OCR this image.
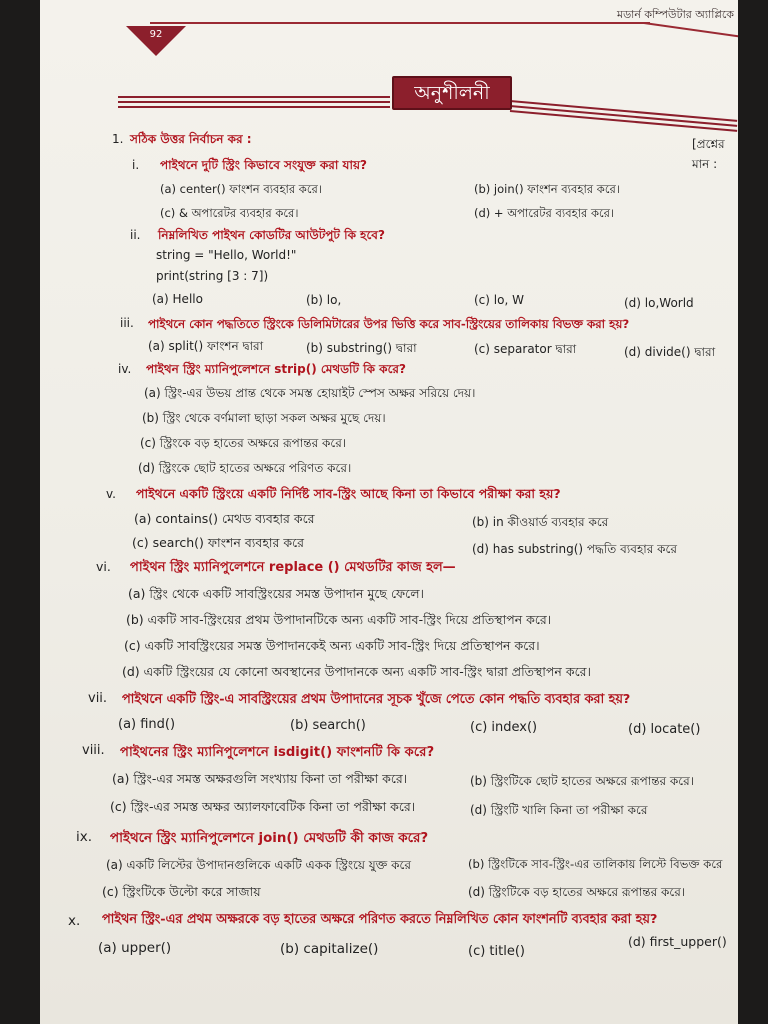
মডার্ন কম্পিউটার অ্যাপ্লিকে
92
অনুশীলনী
1. সঠিক উত্তর নির্বাচন কর :	[প্রশ্নের মান :
i. পাইথনে দুটি স্ট্রিং কিভাবে সংযুক্ত করা যায়?
(a) center() ফাংশন ব্যবহার করে।	(b) join() ফাংশন ব্যবহার করে।
(c) & অপারেটর ব্যবহার করে।	(d) + অপারেটর ব্যবহার করে।
ii. নিম্নলিখিত পাইথন কোডটির আউটপুট কি হবে?
string = "Hello, World!"
print(string [3 : 7])
(a) Hello	(b) lo,	(c) lo, W	(d) lo,World
iii. পাইথনে কোন পদ্ধতিতে স্ট্রিংকে ডিলিমিটারের উপর ভিত্তি করে সাব-স্ট্রিংয়ের তালিকায় বিভক্ত করা হয়?
(a) split() ফাংশন দ্বারা	(b) substring() দ্বারা	(c) separator দ্বারা	(d) divide() দ্বারা
iv. পাইথন স্ট্রিং ম্যানিপুলেশনে strip() মেথডটি কি করে?
(a) স্ট্রিং-এর উভয় প্রান্ত থেকে সমস্ত হোয়াইট স্পেস অক্ষর সরিয়ে দেয়।
(b) স্ট্রিং থেকে বর্ণমালা ছাড়া সকল অক্ষর মুছে দেয়।
(c) স্ট্রিংকে বড় হাতের অক্ষরে রূপান্তর করে।
(d) স্ট্রিংকে ছোট হাতের অক্ষরে পরিণত করে।
v. পাইথনে একটি স্ট্রিংয়ে একটি নির্দিষ্ট সাব-স্ট্রিং আছে কিনা তা কিভাবে পরীক্ষা করা হয়?
(a) contains() মেথড ব্যবহার করে	(b) in কীওয়ার্ড ব্যবহার করে
(c) search() ফাংশন ব্যবহার করে	(d) has substring() পদ্ধতি ব্যবহার করে
vi. পাইথন স্ট্রিং ম্যানিপুলেশনে replace () মেথডটির কাজ হল—
(a) স্ট্রিং থেকে একটি সাবস্ট্রিংয়ের সমস্ত উপাদান মুছে ফেলে।
(b) একটি সাব-স্ট্রিংয়ের প্রথম উপাদানটিকে অন্য একটি সাব-স্ট্রিং দিয়ে প্রতিস্থাপন করে।
(c) একটি সাবস্ট্রিংয়ের সমস্ত উপাদানকেই অন্য একটি সাব-স্ট্রিং দিয়ে প্রতিস্থাপন করে।
(d) একটি স্ট্রিংয়ের যে কোনো অবস্থানের উপাদানকে অন্য একটি সাব-স্ট্রিং দ্বারা প্রতিস্থাপন করে।
vii. পাইথনে একটি স্ট্রিং-এ সাবস্ট্রিংয়ের প্রথম উপাদানের সূচক খুঁজে পেতে কোন পদ্ধতি ব্যবহার করা হয়?
(a) find()	(b) search()	(c) index()	(d) locate()
viii. পাইথনের স্ট্রিং ম্যানিপুলেশনে isdigit() ফাংশনটি কি করে?
(a) স্ট্রিং-এর সমস্ত অক্ষরগুলি সংখ্যায় কিনা তা পরীক্ষা করে।	(b) স্ট্রিংটিকে ছোট হাতের অক্ষরে রূপান্তর করে।
(c) স্ট্রিং-এর সমস্ত অক্ষর অ্যালফাবেটিক কিনা তা পরীক্ষা করে।	(d) স্ট্রিংটি খালি কিনা তা পরীক্ষা করে
ix. পাইথনে স্ট্রিং ম্যানিপুলেশনে join() মেথডটি কী কাজ করে?
(a) একটি লিস্টের উপাদানগুলিকে একটি একক স্ট্রিংয়ে যুক্ত করে	(b) স্ট্রিংটিকে সাব-স্ট্রিং-এর তালিকায় লিস্টে বিভক্ত করে
(c) স্ট্রিংটিকে উল্টো করে সাজায়	(d) স্ট্রিংটিকে বড় হাতের অক্ষরে রূপান্তর করে।
x. পাইথন স্ট্রিং-এর প্রথম অক্ষরকে বড় হাতের অক্ষরে পরিণত করতে নিম্নলিখিত কোন ফাংশনটি ব্যবহার করা হয়?
(a) upper()	(b) capitalize()	(c) title()
(d) first_upper()
